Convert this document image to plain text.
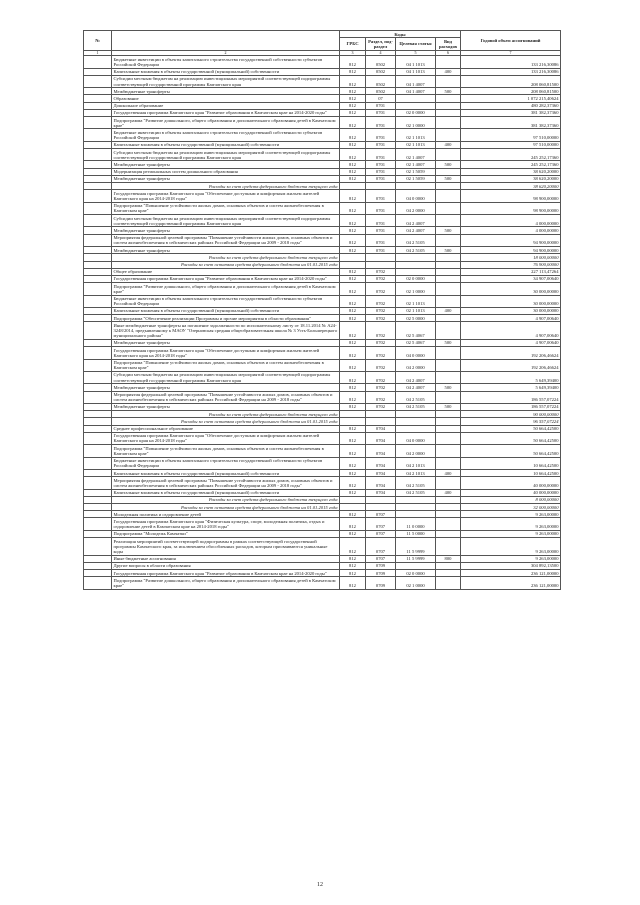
№		Коды				Годовой объем ассигнований
		ГРБС	Раздел, под-раздел	Целевая статья	Вид расходов	
1	2	3	4	5	6	7
	Бюджетные инвестиции в объекты капитального строительства государственной собственности субъектов Российской Федерации	812	0502	04 1 1013		133 216,30086
	Капитальные вложения в объекты государственной (муниципальной) собственности	812	0502	04 1 1013	400	133 216,30086
	Субсидии местным бюджетам на реализацию инвестиционных мероприятий соответствующей подпрограммы соответствующей государственной программы Камчатского края	812	0502	04 1 4007		208 060,81500
	Межбюджетные трансферты	812	0502	04 1 4007	500	208 060,81500
	Образование	812	07			1 072 215,40624
	Дошкольное образование	812	0701			480 282,37360
	Государственная программа Камчатского края "Развитие образования в Камчатском крае на 2014-2020 годы"	812	0701	02 0 0000		381 382,37360
	Подпрограмма "Развитие дошкольного, общего образования и дополнительного образования детей в Камчатском крае"	812	0701	02 1 0000		381 382,37360
	Бюджетные инвестиции в объекты капитального строительства государственной собственности субъектов Российской Федерации	812	0701	02 1 1013		97 510,00000
	Капитальные вложения в объекты государственной (муниципальной) собственности	812	0701	02 1 1013	400	97 510,00000
	Субсидии местным бюджетам на реализацию инвестиционных мероприятий соответствующей подпрограммы соответствующей государственной программы Камчатского края	812	0701	02 1 4007		245 252,17360
	Межбюджетные трансферты	812	0701	02 1 4007	500	245 252,17360
	Модернизация региональных систем дошкольного образования	812	0701	02 1 5059		38 620,20000
	Межбюджетные трансферты	812	0701	02 1 5059	500	38 620,20000
	Расходы за счет средств федерального бюджета текущего года					38 620,20000
	Государственная программа Камчатского края "Обеспечение доступным и комфортным жильем жителей Камчатского края на 2014-2018 годы"	812	0701	04 0 0000		98 900,00000
	Подпрограмма "Повышение устойчивости жилых домов, основных объектов и систем жизнеобеспечения в Камчатском крае"	812	0701	04 2 0000		98 900,00000
	Субсидии местным бюджетам на реализацию инвестиционных мероприятий соответствующей подпрограммы соответствующей государственной программы Камчатского края	812	0701	04 2 4007		4 000,00000
	Межбюджетные трансферты	812	0701	04 2 4007	500	4 000,00000
	Мероприятия федеральной целевой программы "Повышение устойчивости жилых домов, основных объектов и систем жизнеобеспечения в сейсмических районах Российской Федерации на 2009 - 2018 годы"	812	0701	04 2 5105		94 900,00000
	Межбюджетные трансферты	812	0701	04 2 5105	500	94 900,00000
	Расходы за счет средств федерального бюджета текущего года					18 000,00000
	Расходы за счет остатков средств федерального бюджета на 01.01.2015 года					76 900,00000
	Общее образование	812	0702			227 113,47264
	Государственная программа Камчатского края "Развитие образования в Камчатском крае на 2014-2020 годы"	812	0702	02 0 0000		34 907,00640
	Подпрограмма "Развитие дошкольного, общего образования и дополнительного образования детей в Камчатском крае"	812	0702	02 1 0000		30 000,00000
	Бюджетные инвестиции в объекты капитального строительства государственной собственности субъектов Российской Федерации	812	0702	02 1 1013		30 000,00000
	Капитальные вложения в объекты государственной (муниципальной) собственности	812	0702	02 1 1013	400	30 000,00000
	Подпрограмма "Обеспечение реализации Программы и прочие мероприятия в области образования"	812	0702	02 5 0000		4 907,00640
	Иные межбюджетные трансферты на погашение задолженности по исполнительному листу от 18.11.2014 № А24-3248/2014, предъявленному к МАОУ "Озерновская средняя общеобразовательная школа № 3 Усть-Большерецкого муниципального района"	812	0702	02 5 4067		4 907,00640
	Межбюджетные трансферты	812	0702	02 5 4067	500	4 907,00640
	Государственная программа Камчатского края "Обеспечение доступным и комфортным жильем жителей Камчатского края на 2014-2018 годы"	812	0702	04 0 0000		192 206,46624
	Подпрограмма "Повышение устойчивости жилых домов, основных объектов и систем жизнеобеспечения в Камчатском крае"	812	0702	04 2 0000		192 206,46624
	Субсидии местным бюджетам на реализацию инвестиционных мероприятий соответствующей подпрограммы соответствующей государственной программы Камчатского края	812	0702	04 2 4007		5 649,39400
	Межбюджетные трансферты	812	0702	04 2 4007	500	5 649,39400
	Мероприятия федеральной целевой программы "Повышение устойчивости жилых домов, основных объектов и систем жизнеобеспечения в сейсмических районах Российской Федерации на 2009 - 2018 годы"	812	0702	04 2 5105		186 557,07224
	Межбюджетные трансферты	812	0702	04 2 5105	500	186 557,07224
	Расходы за счет средств федерального бюджета текущего года					90 000,00000
	Расходы за счет остатков средств федерального бюджета на 01.01.2015 года					96 557,07224
	Среднее профессиональное образование	812	0704			50 664,42500
	Государственная программа Камчатского края "Обеспечение доступным и комфортным жильем жителей Камчатского края на 2014-2018 годы"	812	0704	04 0 0000		50 664,42500
	Подпрограмма "Повышение устойчивости жилых домов, основных объектов и систем жизнеобеспечения в Камчатском крае"	812	0704	04 2 0000		50 664,42500
	Бюджетные инвестиции в объекты капитального строительства государственной собственности субъектов Российской Федерации	812	0704	04 2 1013		10 664,42500
	Капитальные вложения в объекты государственной (муниципальной) собственности	812	0704	04 2 1013	400	10 664,42500
	Мероприятия федеральной целевой программы "Повышение устойчивости жилых домов, основных объектов и систем жизнеобеспечения в сейсмических районах Российской Федерации на 2009 - 2018 годы"	812	0704	04 2 5105		40 000,00000
	Капитальные вложения в объекты государственной (муниципальной) собственности	812	0704	04 2 5105	400	40 000,00000
	Расходы за счет средств федерального бюджета текущего года					8 000,00000
	Расходы за счет остатков средств федерального бюджета на 01.01.2015 года					32 000,00000
	Молодежная политика и оздоровление детей	812	0707			9 263,00000
	Государственная программа Камчатского края "Физическая культура, спорт, молодежная политика, отдых и оздоровление детей в Камчатском крае на 2014-2018 годы"	812	0707	11 0 0000		9 263,00000
	Подпрограмма "Молодежь Камчатки"	812	0707	11 5 0000		9 263,00000
	Реализация мероприятий соответствующей подпрограммы в рамках соответствующей государственной программы Камчатского края, за исключением обособленных расходов, которым присваиваются уникальные коды	812	0707	11 5 9999		9 263,00000
	Иные бюджетные ассигнования	812	0707	11 5 9999	800	9 263,00000
	Другие вопросы в области образования	812	0709			304 892,13500
	Государственная программа Камчатского края "Развитие образования в Камчатском крае на 2014-2020 годы"	812	0709	02 0 0000		236 121,00000
	Подпрограмма "Развитие дошкольного, общего образования и дополнительного образования детей в Камчатском крае"	812	0709	02 1 0000		236 121,00000
12
